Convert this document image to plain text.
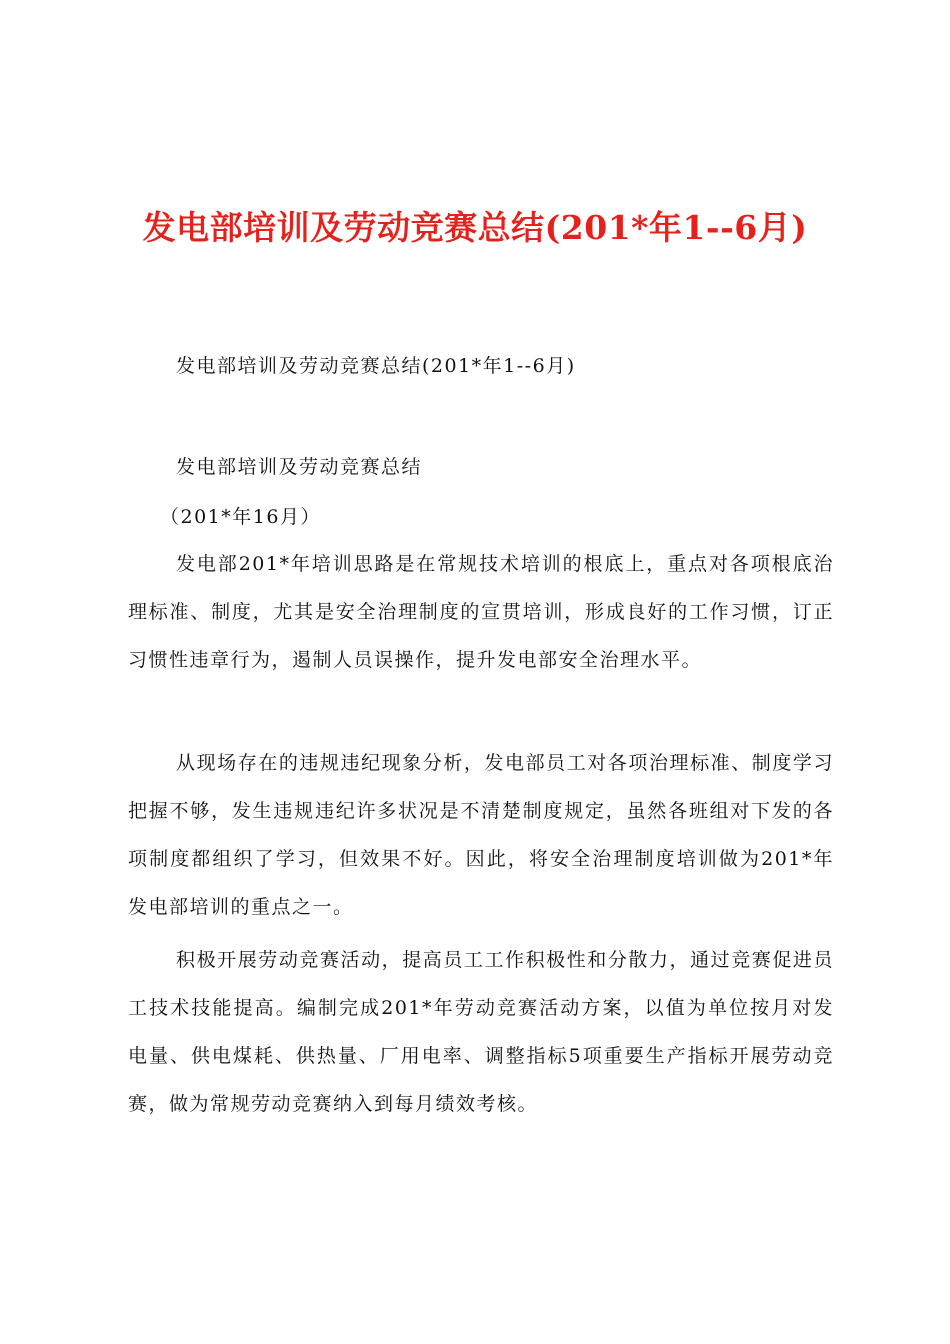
发电部培训及劳动竞赛总结(201*年1--6月)
发电部培训及劳动竞赛总结(201*年1--6月)
发电部培训及劳动竞赛总结
（201*年16月）
发电部201*年培训思路是在常规技术培训的根底上，重点对各项根底治理标准、制度，尤其是安全治理制度的宣贯培训，形成良好的工作习惯，订正习惯性违章行为，遏制人员误操作，提升发电部安全治理水平。
从现场存在的违规违纪现象分析，发电部员工对各项治理标准、制度学习把握不够，发生违规违纪许多状况是不清楚制度规定，虽然各班组对下发的各项制度都组织了学习，但效果不好。因此，将安全治理制度培训做为201*年发电部培训的重点之一。
积极开展劳动竞赛活动，提高员工工作积极性和分散力，通过竞赛促进员工技术技能提高。编制完成201*年劳动竞赛活动方案，以值为单位按月对发电量、供电煤耗、供热量、厂用电率、调整指标5项重要生产指标开展劳动竞赛，做为常规劳动竞赛纳入到每月绩效考核。
